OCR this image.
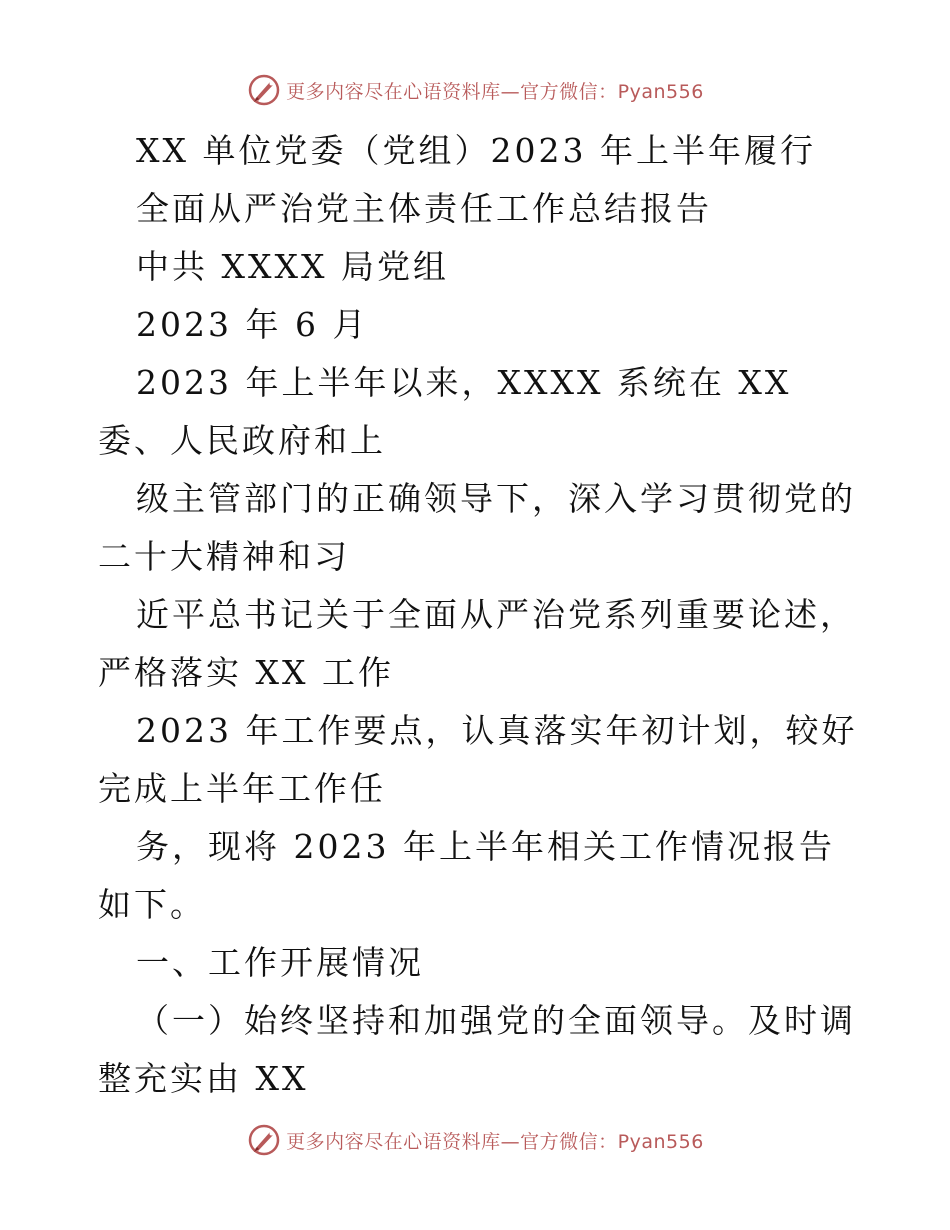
更多内容尽在心语资料库—官方微信：Pyan556

XX 单位党委（党组）2023 年上半年履行

全面从严治党主体责任工作总结报告

中共 XXXX 局党组

2023 年 6 月

2023 年上半年以来，XXXX 系统在 XX 委、人民政府和上

级主管部门的正确领导下，深入学习贯彻党的二十大精神和习

近平总书记关于全面从严治党系列重要论述，严格落实 XX 工作

2023 年工作要点，认真落实年初计划，较好完成上半年工作任

务，现将 2023 年上半年相关工作情况报告如下。

一、工作开展情况

（一）始终坚持和加强党的全面领导。及时调整充实由 XX

更多内容尽在心语资料库—官方微信：Pyan556
